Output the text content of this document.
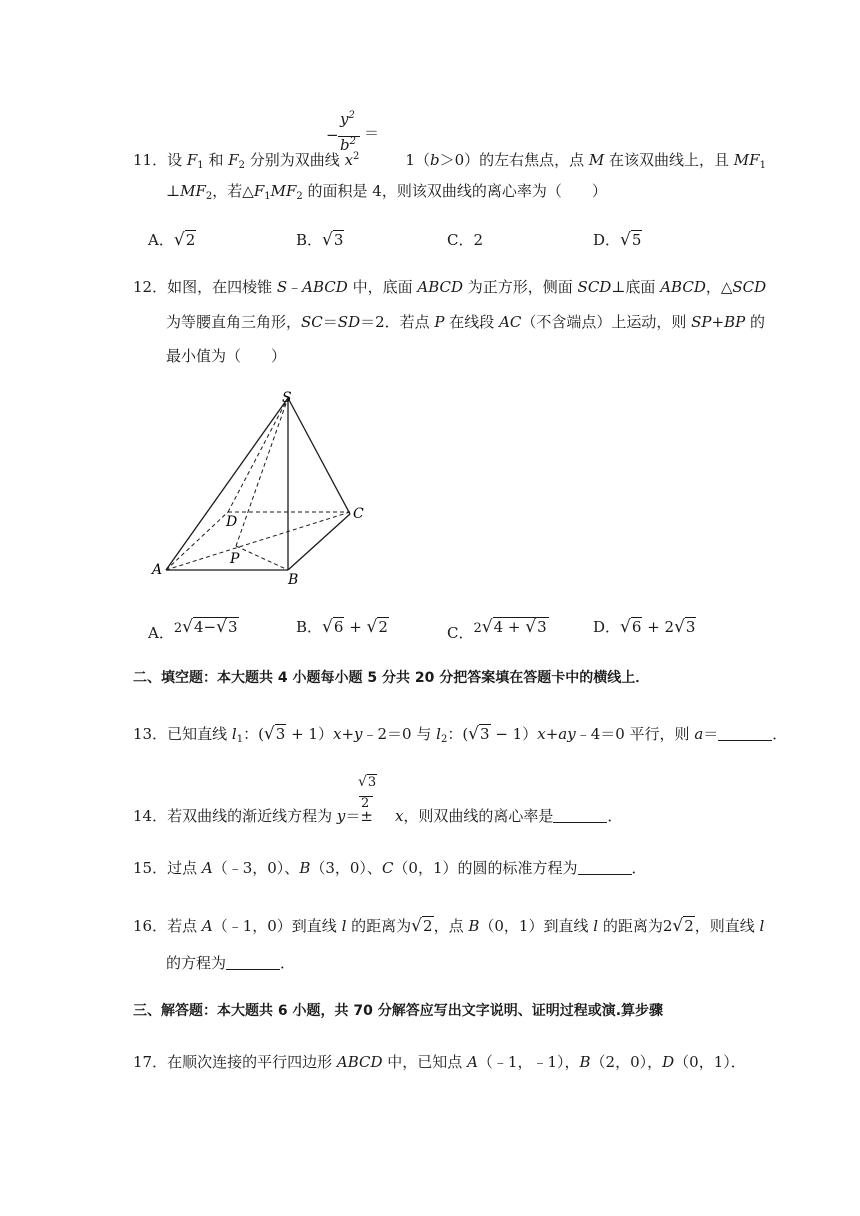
−
$y^2$
$b^2$ ＝
11．设 $F_1$ 和 $F_2$ 分别为双曲线 $x^2$	1（b＞0）的左右焦点，点 M 在该双曲线上，且 $MF_1$
$\perp MF_2$，若$\triangle F_1MF_2$ 的面积是 4，则该双曲线的离心率为（　　）
A．√2	B．√3	C．2	D．√5
12．如图，在四棱锥 S﹣ABCD 中，底面 ABCD 为正方形，侧面 SCD⊥底面 ABCD，△SCD
为等腰直角三角形，SC＝SD＝2．若点 P 在线段 AC（不含端点）上运动，则 SP+BP 的
最小值为（　　）
S
D	C
P
A
B
A．2√4−√3	B．√6 + √2	C．2√4 + √3	D．√6 + 2√3
二、填空题：本大题共 4 小题每小题 5 分共 20 分把答案填在答题卡中的横线上．
13．已知直线 $l_1$：(√3 + 1）x+y﹣2＝0 与 $l_2$：(√3 − 1）x+ay﹣4＝0 平行，则 a＝	．
√3
2
14．若双曲线的渐近线方程为 y＝± x，则双曲线的离心率是	．
15．过点 A（﹣3，0）、B（3，0）、C（0，1）的圆的标准方程为	．
16．若点 A（﹣1，0）到直线 l 的距离为√2，点 B（0，1）到直线 l 的距离为2√2，则直线 l
的方程为	．
三、解答题：本大题共 6 小题，共 70 分解答应写出文字说明、证明过程或演.算步骤
17．在顺次连接的平行四边形 ABCD 中，已知点 A（﹣1，﹣1），B（2，0），D（0，1）．
